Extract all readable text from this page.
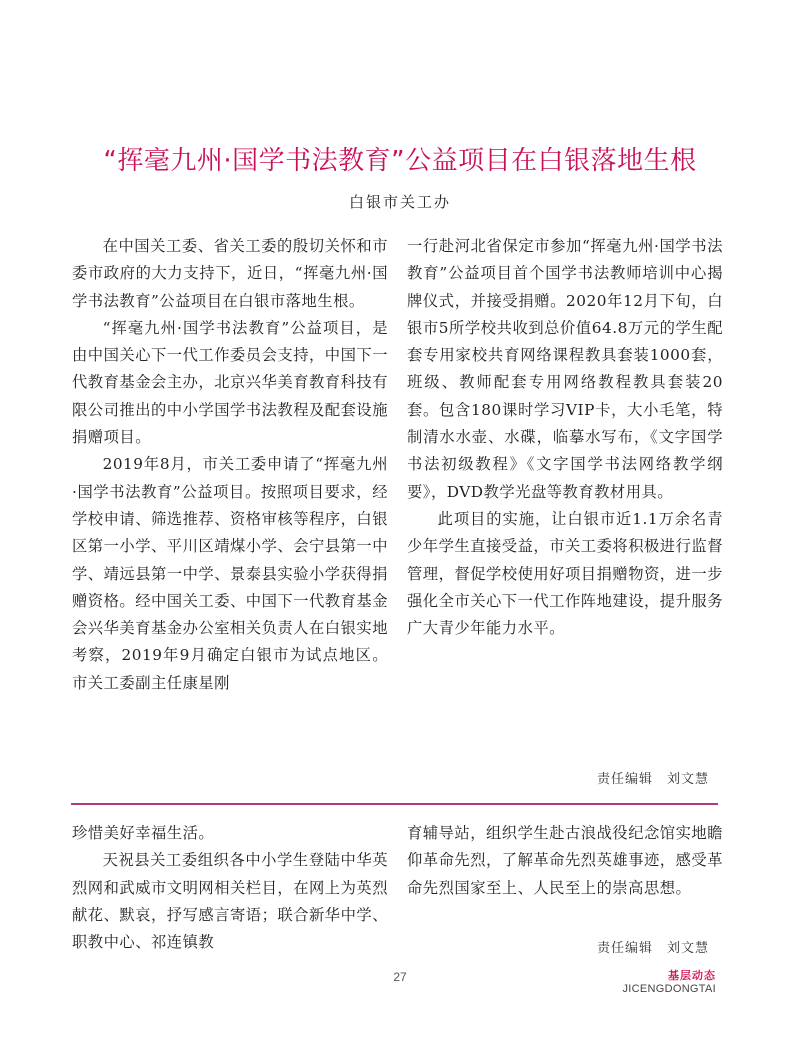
“挥毫九州·国学书法教育”公益项目在白银落地生根
白银市关工办

在中国关工委、省关工委的殷切关怀和市委市政府的大力支持下，近日，“挥毫九州·国学书法教育”公益项目在白银市落地生根。

“挥毫九州·国学书法教育”公益项目，是由中国关心下一代工作委员会支持，中国下一代教育基金会主办，北京兴华美育教育科技有限公司推出的中小学国学书法教程及配套设施捐赠项目。

2019年8月，市关工委申请了“挥毫九州·国学书法教育”公益项目。按照项目要求，经学校申请、筛选推荐、资格审核等程序，白银区第一小学、平川区靖煤小学、会宁县第一中学、靖远县第一中学、景泰县实验小学获得捐赠资格。经中国关工委、中国下一代教育基金会兴华美育基金办公室相关负责人在白银实地考察，2019年9月确定白银市为试点地区。市关工委副主任康星刚

一行赴河北省保定市参加“挥毫九州·国学书法教育”公益项目首个国学书法教师培训中心揭牌仪式，并接受捐赠。2020年12月下旬，白银市5所学校共收到总价值64.8万元的学生配套专用家校共育网络课程教具套装1000套，班级、教师配套专用网络教程教具套装20套。包含180课时学习VIP卡，大小毛笔，特制清水水壶、水碟，临摹水写布，《文字国学书法初级教程》《文字国学书法网络教学纲要》，DVD教学光盘等教育教材用具。

此项目的实施，让白银市近1.1万余名青少年学生直接受益，市关工委将积极进行监督管理，督促学校使用好项目捐赠物资，进一步强化全市关心下一代工作阵地建设，提升服务广大青少年能力水平。

责任编辑　刘文慧

珍惜美好幸福生活。

天祝县关工委组织各中小学生登陆中华英烈网和武威市文明网相关栏目，在网上为英烈献花、默哀，抒写感言寄语；联合新华中学、职教中心、祁连镇教

育辅导站，组织学生赴古浪战役纪念馆实地瞻仰革命先烈，了解革命先烈英雄事迹，感受革命先烈国家至上、人民至上的崇高思想。

责任编辑　刘文慧
27	基层动态
JICENGDONGTAI
